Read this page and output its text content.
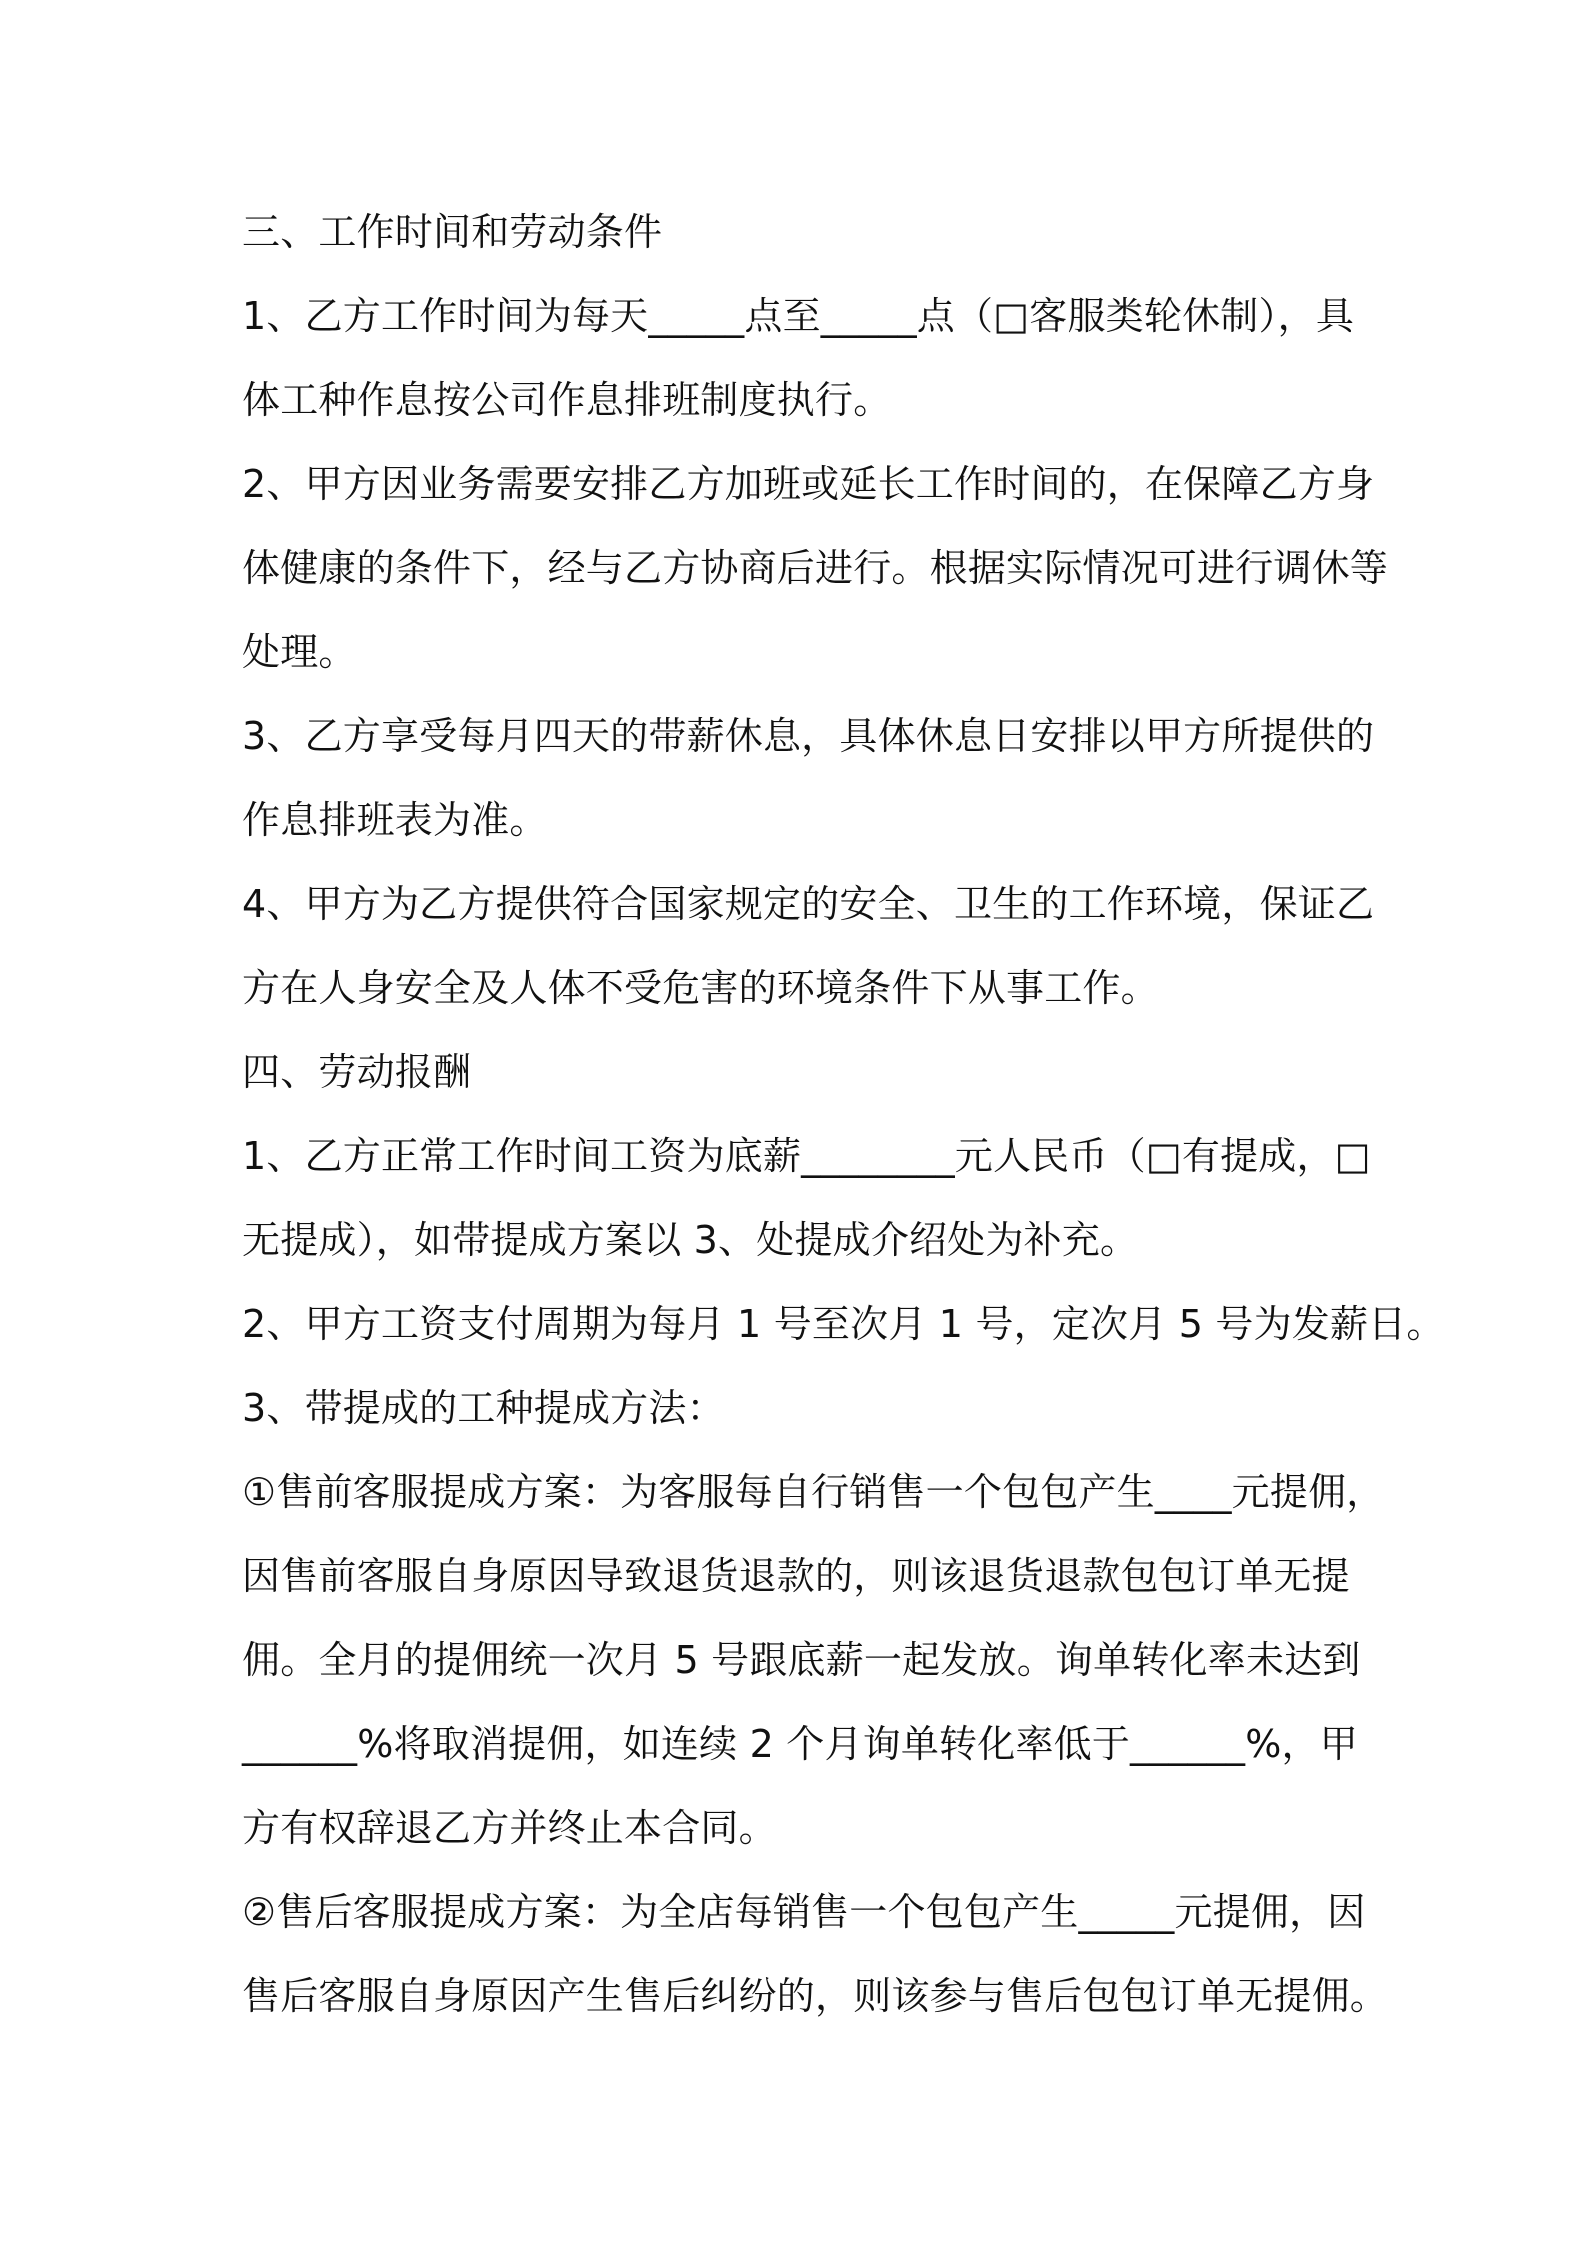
三、工作时间和劳动条件
1、乙方工作时间为每天_____点至_____点（□客服类轮休制），具
体工种作息按公司作息排班制度执行。
2、甲方因业务需要安排乙方加班或延长工作时间的，在保障乙方身
体健康的条件下，经与乙方协商后进行。根据实际情况可进行调休等
处理。
3、乙方享受每月四天的带薪休息，具体休息日安排以甲方所提供的
作息排班表为准。
4、甲方为乙方提供符合国家规定的安全、卫生的工作环境，保证乙
方在人身安全及人体不受危害的环境条件下从事工作。
四、劳动报酬
1、乙方正常工作时间工资为底薪________元人民币（□有提成，□
无提成），如带提成方案以 3、处提成介绍处为补充。
2、甲方工资支付周期为每月 1 号至次月 1 号，定次月 5 号为发薪日。
3、带提成的工种提成方法：
①售前客服提成方案：为客服每自行销售一个包包产生____元提佣，
因售前客服自身原因导致退货退款的，则该退货退款包包订单无提
佣。全月的提佣统一次月 5 号跟底薪一起发放。询单转化率未达到
______%将取消提佣，如连续 2 个月询单转化率低于______%，甲
方有权辞退乙方并终止本合同。
②售后客服提成方案：为全店每销售一个包包产生_____元提佣，因
售后客服自身原因产生售后纠纷的，则该参与售后包包订单无提佣。
